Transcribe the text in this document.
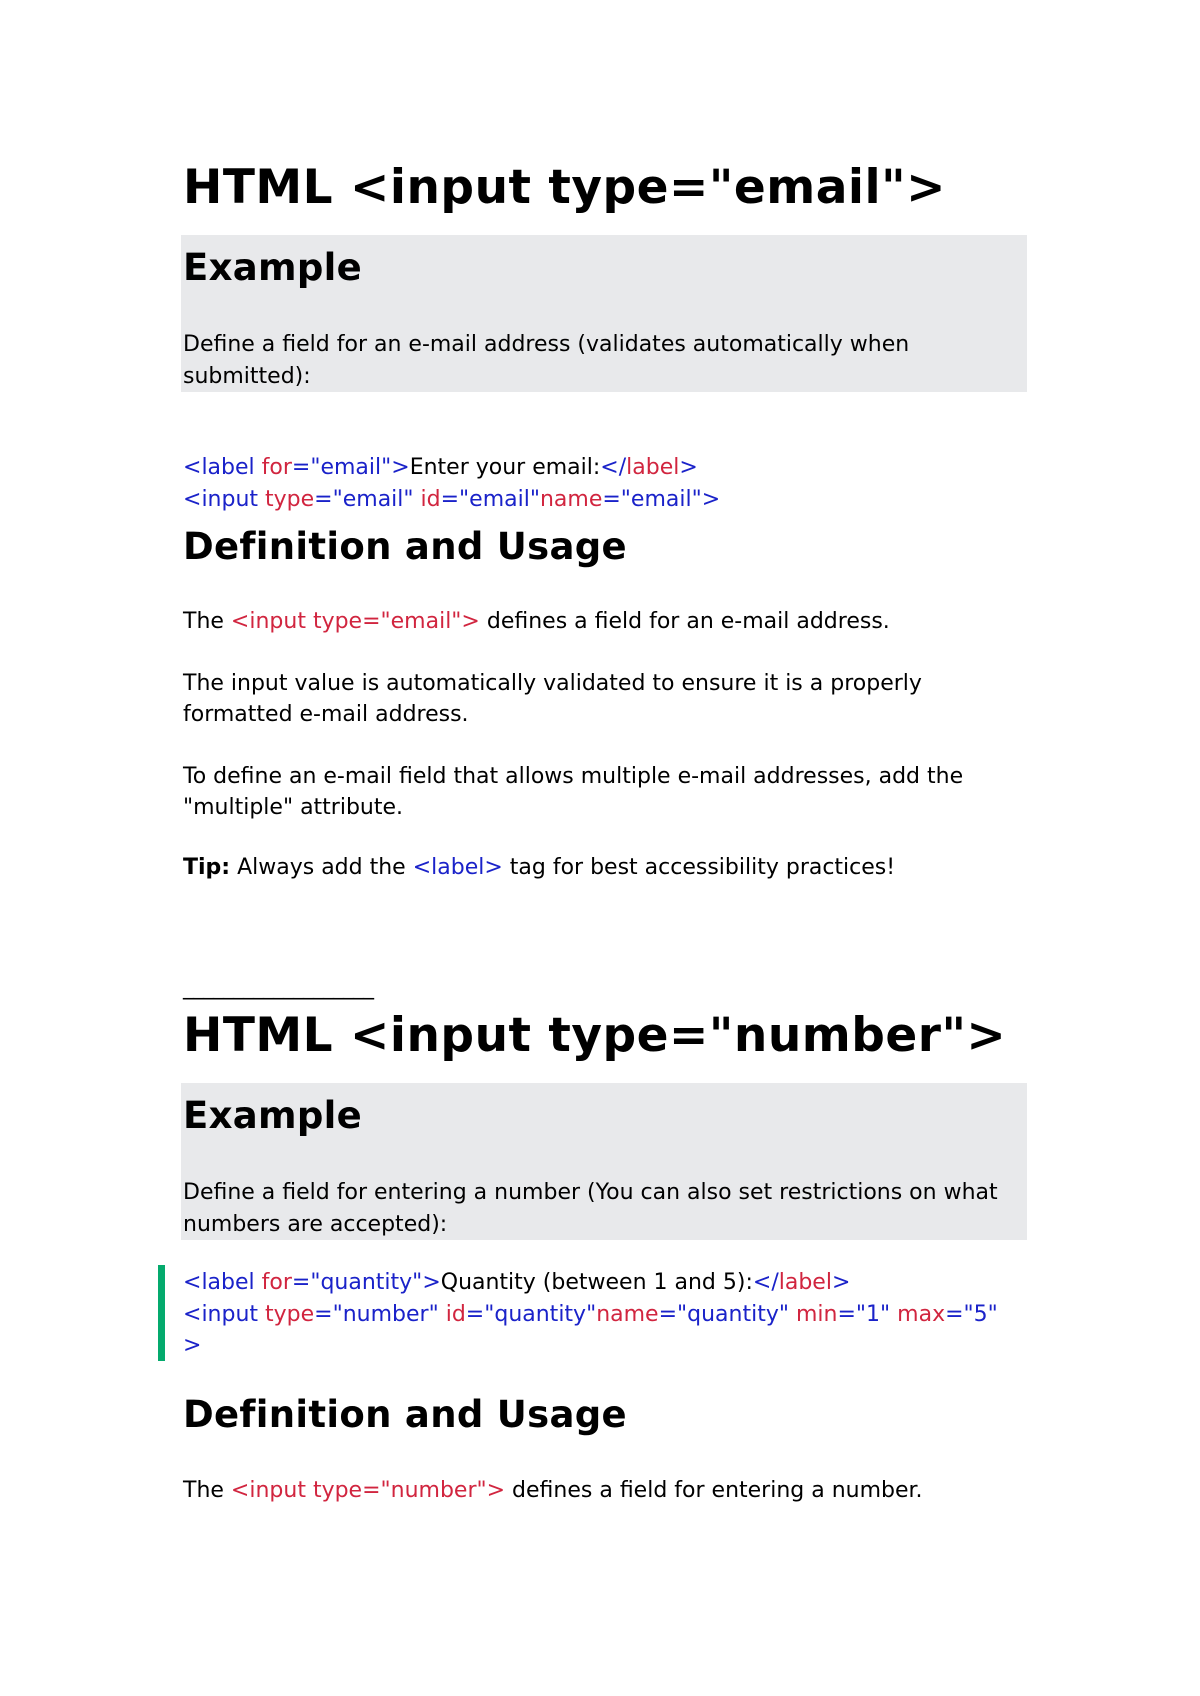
HTML <input type="email">
Example
Define a field for an e-mail address (validates automatically when
submitted):
<label for="email">Enter your email:</label>
<input type="email" id="email"name="email">
Definition and Usage
The <input type="email"> defines a field for an e-mail address.
The input value is automatically validated to ensure it is a properly
formatted e-mail address.
To define an e-mail field that allows multiple e-mail addresses, add the
"multiple" attribute.
Tip: Always add the <label> tag for best accessibility practices!
___________________
HTML <input type="number">
Example
Define a field for entering a number (You can also set restrictions on what
numbers are accepted):
<label for="quantity">Quantity (between 1 and 5):</label>
<input type="number" id="quantity"name="quantity" min="1" max="5"
>
Definition and Usage
The <input type="number"> defines a field for entering a number.
